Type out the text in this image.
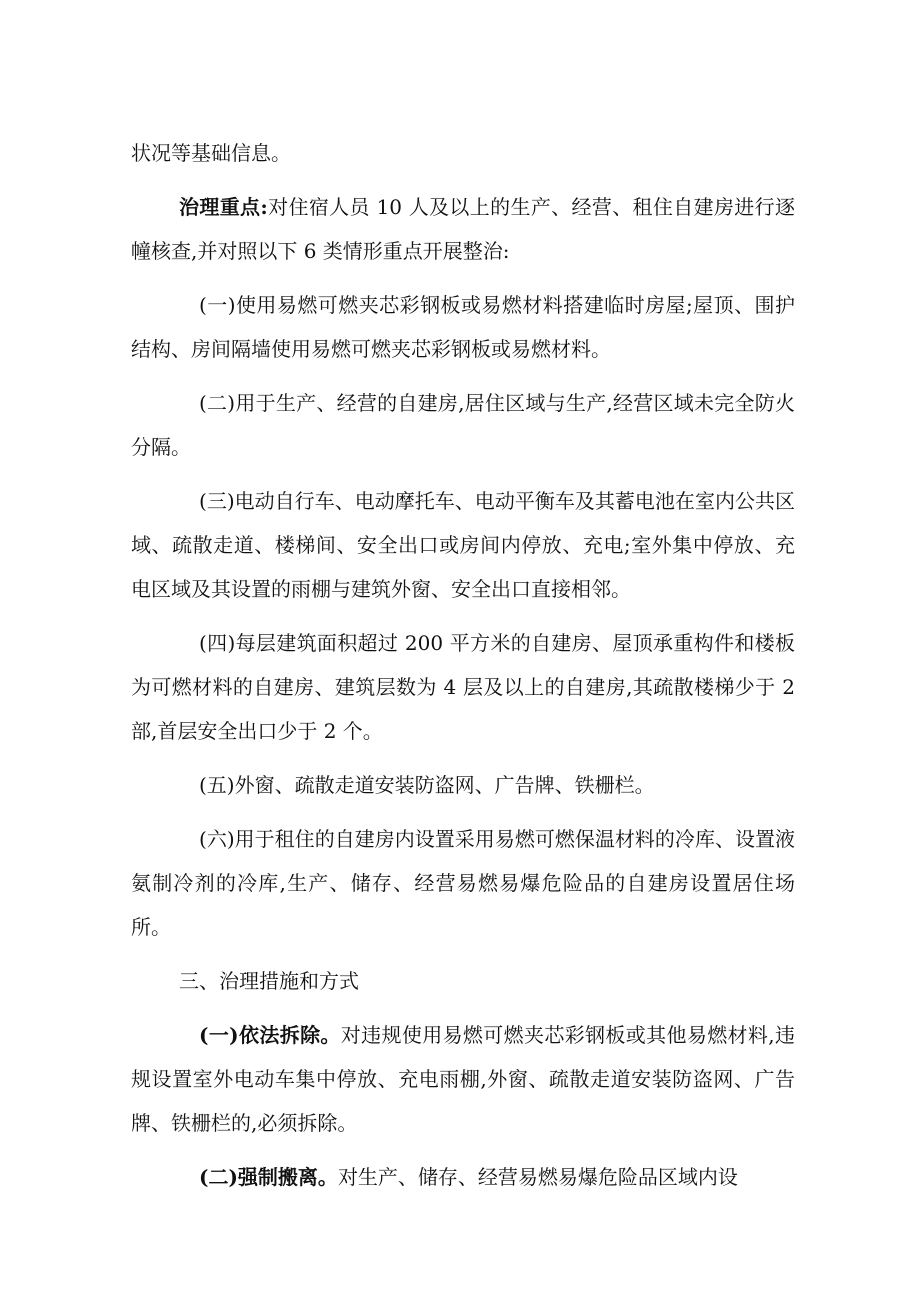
状况等基础信息。

治理重点:对住宿人员 10 人及以上的生产、经营、租住自建房进行逐幢核查,并对照以下 6 类情形重点开展整治:

(一)使用易燃可燃夹芯彩钢板或易燃材料搭建临时房屋;屋顶、围护结构、房间隔墙使用易燃可燃夹芯彩钢板或易燃材料。

(二)用于生产、经营的自建房,居住区域与生产,经营区域未完全防火分隔。

(三)电动自行车、电动摩托车、电动平衡车及其蓄电池在室内公共区域、疏散走道、楼梯间、安全出口或房间内停放、充电;室外集中停放、充电区域及其设置的雨棚与建筑外窗、安全出口直接相邻。

(四)每层建筑面积超过 200 平方米的自建房、屋顶承重构件和楼板为可燃材料的自建房、建筑层数为 4 层及以上的自建房,其疏散楼梯少于 2 部,首层安全出口少于 2 个。

(五)外窗、疏散走道安装防盗网、广告牌、铁栅栏。

(六)用于租住的自建房内设置采用易燃可燃保温材料的冷库、设置液氨制冷剂的冷库,生产、储存、经营易燃易爆危险品的自建房设置居住场所。

三、治理措施和方式

(一)依法拆除。对违规使用易燃可燃夹芯彩钢板或其他易燃材料,违规设置室外电动车集中停放、充电雨棚,外窗、疏散走道安装防盗网、广告牌、铁栅栏的,必须拆除。

(二)强制搬离。对生产、储存、经营易燃易爆危险品区域内设
